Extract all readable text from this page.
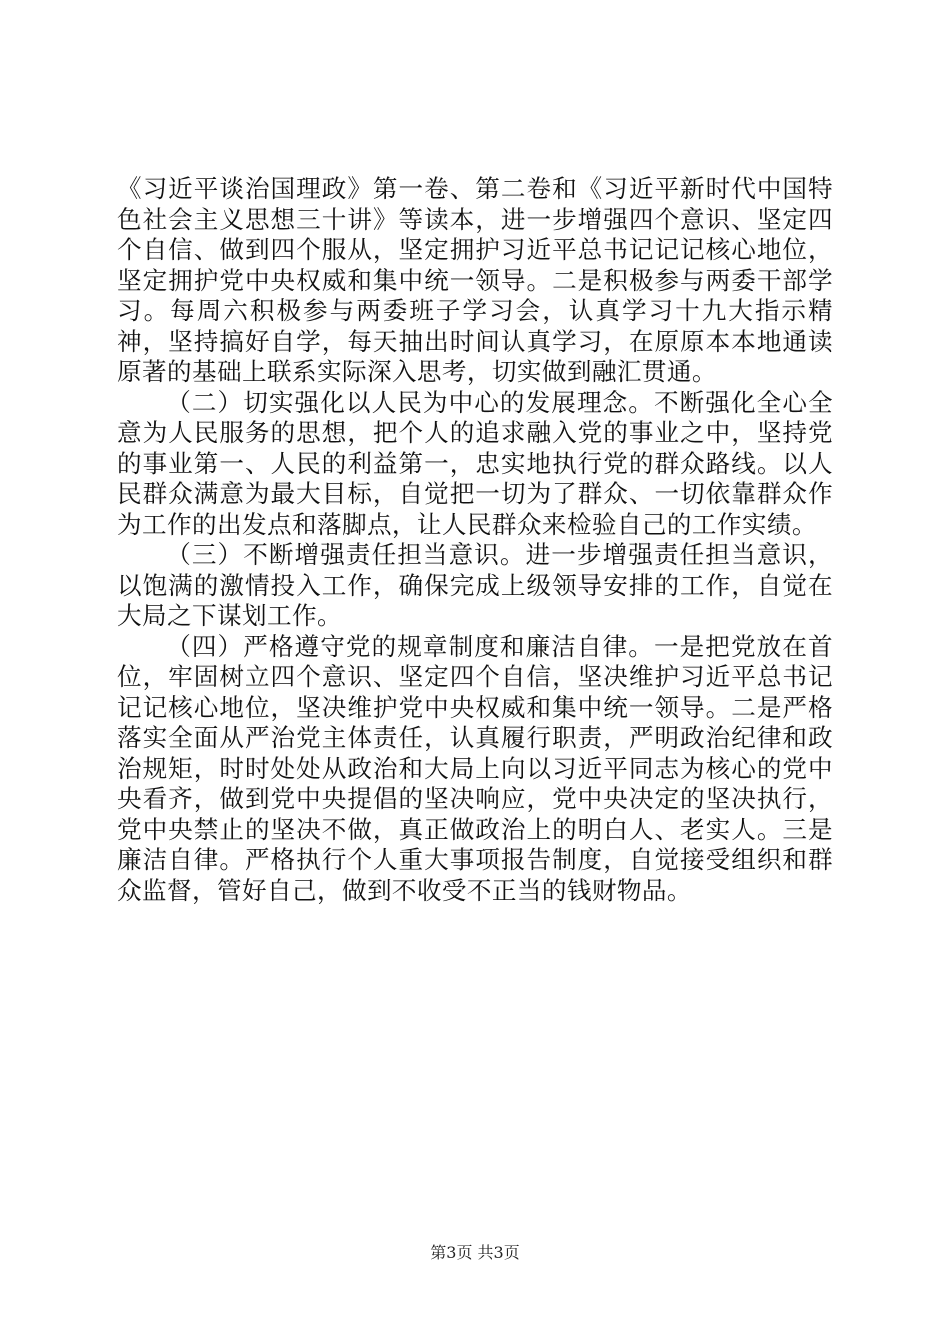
《习近平谈治国理政》第一卷、第二卷和《习近平新时代中国特色社会主义思想三十讲》等读本，进一步增强四个意识、坚定四个自信、做到四个服从，坚定拥护习近平总书记记记核心地位，坚定拥护党中央权威和集中统一领导。二是积极参与两委干部学习。每周六积极参与两委班子学习会，认真学习十九大指示精神，坚持搞好自学，每天抽出时间认真学习，在原原本本地通读原著的基础上联系实际深入思考，切实做到融汇贯通。

（二）切实强化以人民为中心的发展理念。不断强化全心全意为人民服务的思想，把个人的追求融入党的事业之中，坚持党的事业第一、人民的利益第一，忠实地执行党的群众路线。以人民群众满意为最大目标，自觉把一切为了群众、一切依靠群众作为工作的出发点和落脚点，让人民群众来检验自己的工作实绩。

（三）不断增强责任担当意识。进一步增强责任担当意识，以饱满的激情投入工作，确保完成上级领导安排的工作，自觉在大局之下谋划工作。

（四）严格遵守党的规章制度和廉洁自律。一是把党放在首位，牢固树立四个意识、坚定四个自信，坚决维护习近平总书记记记核心地位，坚决维护党中央权威和集中统一领导。二是严格落实全面从严治党主体责任，认真履行职责，严明政治纪律和政治规矩，时时处处从政治和大局上向以习近平同志为核心的党中央看齐，做到党中央提倡的坚决响应，党中央决定的坚决执行，党中央禁止的坚决不做，真正做政治上的明白人、老实人。三是廉洁自律。严格执行个人重大事项报告制度，自觉接受组织和群众监督，管好自己，做到不收受不正当的钱财物品。

第3页 共3页
